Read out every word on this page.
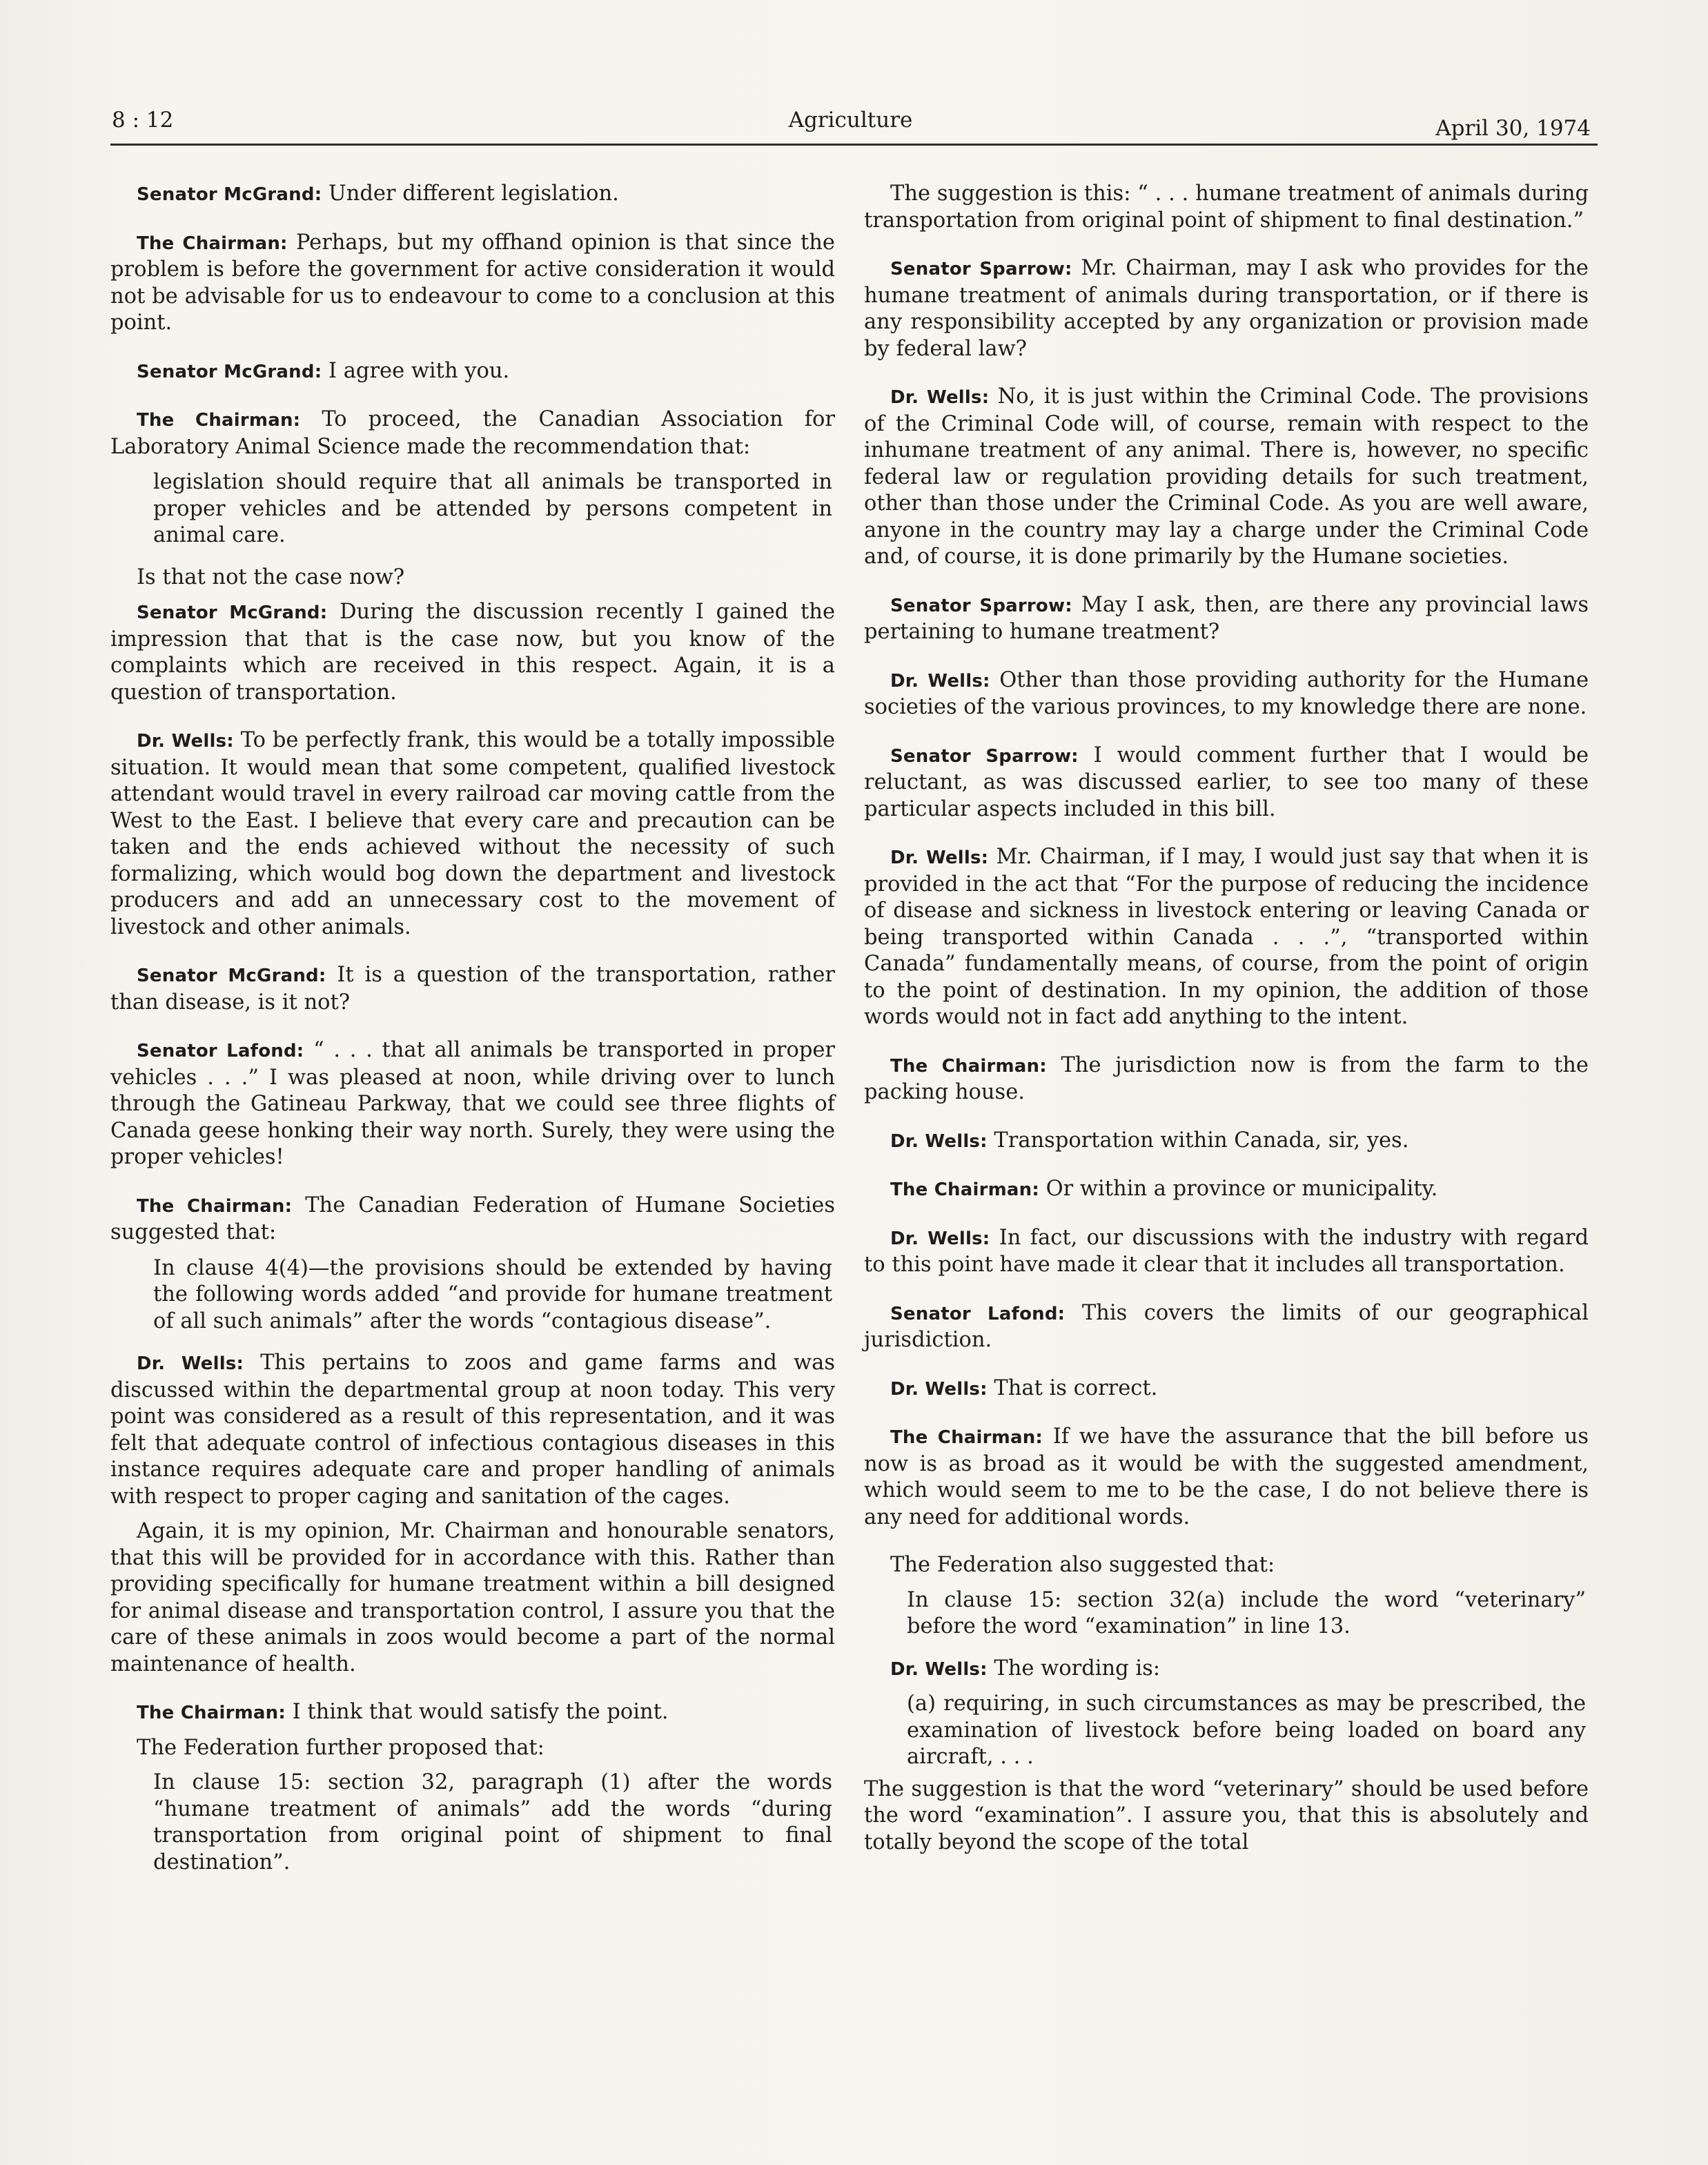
8 : 12	Agriculture	April 30, 1974

Senator McGrand: Under different legislation.

The Chairman: Perhaps, but my offhand opinion is that since the problem is before the government for active consideration it would not be advisable for us to endeavour to come to a conclusion at this point.

Senator McGrand: I agree with you.

The Chairman: To proceed, the Canadian Association for Laboratory Animal Science made the recommendation that:

legislation should require that all animals be transported in proper vehicles and be attended by persons competent in animal care.

Is that not the case now?

Senator McGrand: During the discussion recently I gained the impression that that is the case now, but you know of the complaints which are received in this respect. Again, it is a question of transportation.

Dr. Wells: To be perfectly frank, this would be a totally impossible situation. It would mean that some competent, qualified livestock attendant would travel in every railroad car moving cattle from the West to the East. I believe that every care and precaution can be taken and the ends achieved without the necessity of such formalizing, which would bog down the department and livestock producers and add an unnecessary cost to the movement of livestock and other animals.

Senator McGrand: It is a question of the transportation, rather than disease, is it not?

Senator Lafond: “ . . . that all animals be transported in proper vehicles . . .” I was pleased at noon, while driving over to lunch through the Gatineau Parkway, that we could see three flights of Canada geese honking their way north. Surely, they were using the proper vehicles!

The Chairman: The Canadian Federation of Humane Societies suggested that:

In clause 4(4)—the provisions should be extended by having the following words added “and provide for humane treatment of all such animals” after the words “contagious disease”.

Dr. Wells: This pertains to zoos and game farms and was discussed within the departmental group at noon today. This very point was considered as a result of this representation, and it was felt that adequate control of infectious contagious diseases in this instance requires adequate care and proper handling of animals with respect to proper caging and sanitation of the cages.

Again, it is my opinion, Mr. Chairman and honourable senators, that this will be provided for in accordance with this. Rather than providing specifically for humane treatment within a bill designed for animal disease and transportation control, I assure you that the care of these animals in zoos would become a part of the normal maintenance of health.

The Chairman: I think that would satisfy the point.

The Federation further proposed that:

In clause 15: section 32, paragraph (1) after the words “humane treatment of animals” add the words “during transportation from original point of shipment to final destination”.

The suggestion is this: “ . . . humane treatment of animals during transportation from original point of shipment to final destination.”

Senator Sparrow: Mr. Chairman, may I ask who provides for the humane treatment of animals during transportation, or if there is any responsibility accepted by any organization or provision made by federal law?

Dr. Wells: No, it is just within the Criminal Code. The provisions of the Criminal Code will, of course, remain with respect to the inhumane treatment of any animal. There is, however, no specific federal law or regulation providing details for such treatment, other than those under the Criminal Code. As you are well aware, anyone in the country may lay a charge under the Criminal Code and, of course, it is done primarily by the Humane societies.

Senator Sparrow: May I ask, then, are there any provincial laws pertaining to humane treatment?

Dr. Wells: Other than those providing authority for the Humane societies of the various provinces, to my knowledge there are none.

Senator Sparrow: I would comment further that I would be reluctant, as was discussed earlier, to see too many of these particular aspects included in this bill.

Dr. Wells: Mr. Chairman, if I may, I would just say that when it is provided in the act that “For the purpose of reducing the incidence of disease and sickness in livestock entering or leaving Canada or being transported within Canada . . .”, “transported within Canada” fundamentally means, of course, from the point of origin to the point of destination. In my opinion, the addition of those words would not in fact add anything to the intent.

The Chairman: The jurisdiction now is from the farm to the packing house.

Dr. Wells: Transportation within Canada, sir, yes.

The Chairman: Or within a province or municipality.

Dr. Wells: In fact, our discussions with the industry with regard to this point have made it clear that it includes all transportation.

Senator Lafond: This covers the limits of our geographical jurisdiction.

Dr. Wells: That is correct.

The Chairman: If we have the assurance that the bill before us now is as broad as it would be with the suggested amendment, which would seem to me to be the case, I do not believe there is any need for additional words.

The Federation also suggested that:

In clause 15: section 32(a) include the word “veterinary” before the word “examination” in line 13.

Dr. Wells: The wording is:

(a) requiring, in such circumstances as may be prescribed, the examination of livestock before being loaded on board any aircraft, . . .

The suggestion is that the word “veterinary” should be used before the word “examination”. I assure you, that this is absolutely and totally beyond the scope of the total
